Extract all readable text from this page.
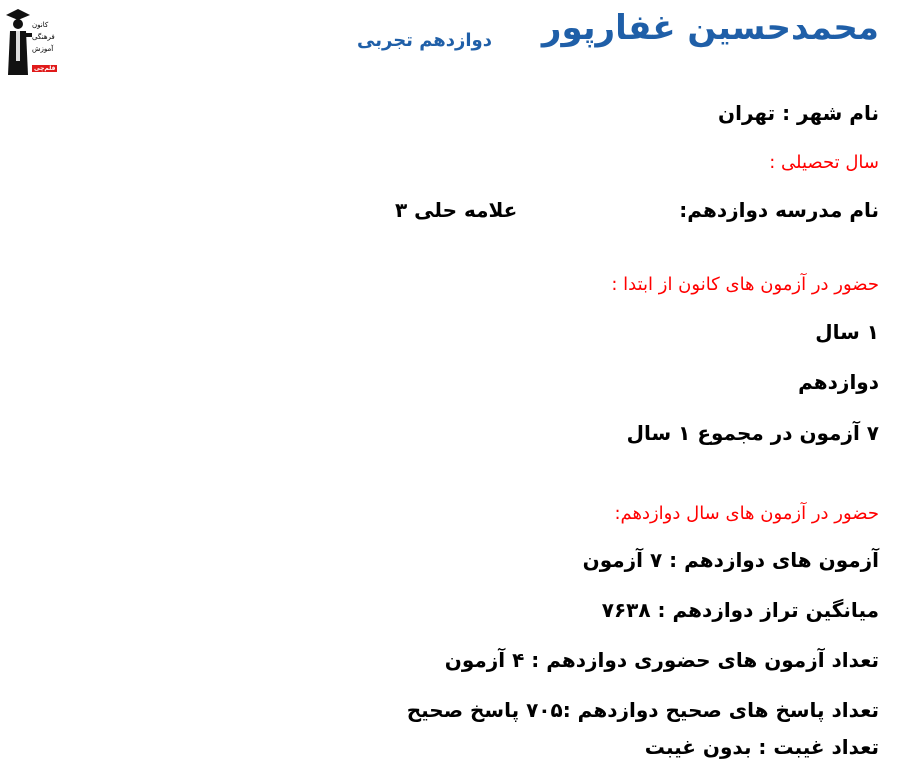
کانون
فرهنگی
آموزش
قلم‌چی
محمدحسین غفارپور
دوازدهم تجربی
نام شهر : تهران
سال تحصیلی :
نام مدرسه دوازدهم:
علامه حلی ۳
حضور در آزمون های کانون از ابتدا :
۱ سال
دوازدهم
۷ آزمون در مجموع ۱ سال
حضور در آزمون های سال دوازدهم:
آزمون های دوازدهم : ۷ آزمون
میانگین تراز دوازدهم : ۷۶۳۸
تعداد آزمون های حضوری دوازدهم : ۴ آزمون
تعداد پاسخ های صحیح دوازدهم :۷۰۵ پاسخ صحیح
تعداد غیبت : بدون غیبت
